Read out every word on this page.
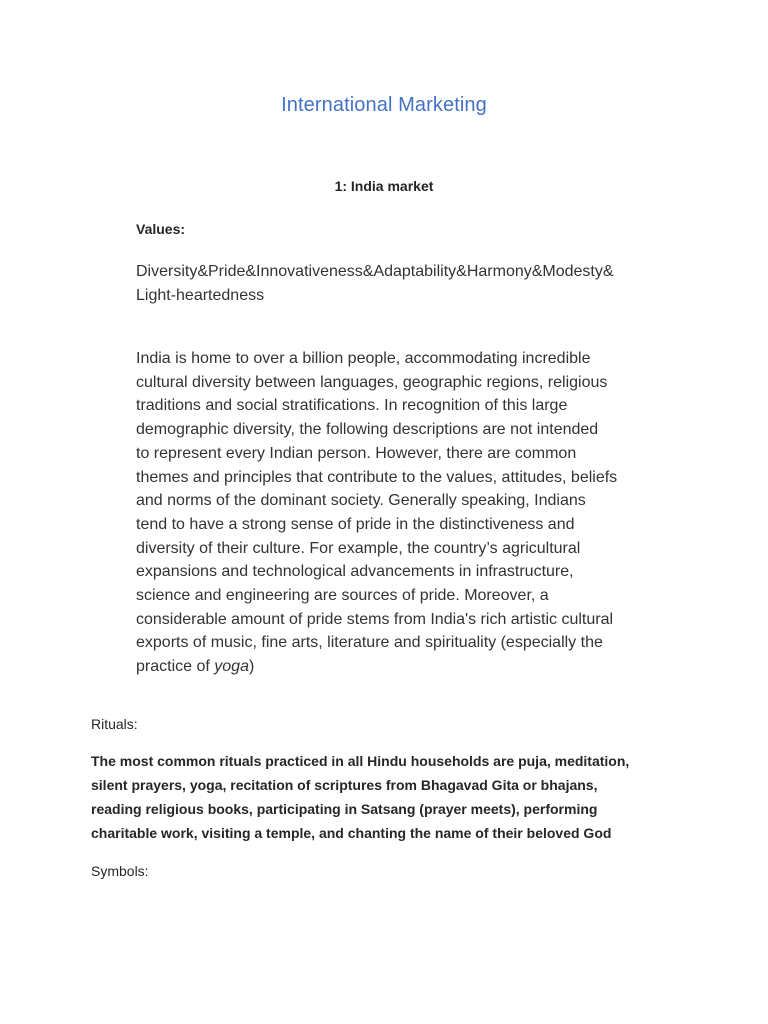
International Marketing
1: India market
Values:
Diversity&Pride&Innovativeness&Adaptability&Harmony&Modesty&
Light-heartedness
India is home to over a billion people, accommodating incredible
cultural diversity between languages, geographic regions, religious
traditions and social stratifications. In recognition of this large
demographic diversity, the following descriptions are not intended
to represent every Indian person. However, there are common
themes and principles that contribute to the values, attitudes, beliefs
and norms of the dominant society. Generally speaking, Indians
tend to have a strong sense of pride in the distinctiveness and
diversity of their culture. For example, the country’s agricultural
expansions and technological advancements in infrastructure,
science and engineering are sources of pride. Moreover, a
considerable amount of pride stems from India's rich artistic cultural
exports of music, fine arts, literature and spirituality (especially the
practice of yoga)
Rituals:
The most common rituals practiced in all Hindu households are puja, meditation,
silent prayers, yoga, recitation of scriptures from Bhagavad Gita or bhajans,
reading religious books, participating in Satsang (prayer meets), performing
charitable work, visiting a temple, and chanting the name of their beloved God
Symbols:
